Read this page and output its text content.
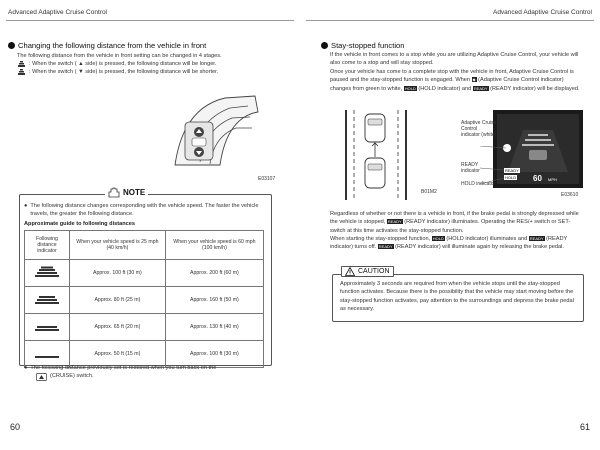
Advanced Adaptive Cruise Control	Advanced Adaptive Cruise Control
Changing the following distance from the vehicle in front
The following distance from the vehicle in front setting can be changed in 4 stages.
: When the switch ( ▲ side) is pressed, the following distance will be longer.
: When the switch ( ▼ side) is pressed, the following distance will be shorter.
E03107
NOTE
● The following distance changes corresponding with the vehicle speed. The faster the vehicle travels, the greater the following distance.
Approximate guide to following distances
Following distance indicator	When your vehicle speed is 25 mph (40 km/h)	When your vehicle speed is 60 mph (100 km/h)
	Approx. 100 ft (30 m)	Approx. 200 ft (60 m)
	Approx. 80 ft (25 m)	Approx. 160 ft (50 m)
	Approx. 65 ft (20 m)	Approx. 130 ft (40 m)
	Approx. 50 ft (15 m)	Approx. 100 ft (30 m)
● The following distance previously set is restored when you turn back on the
(CRUISE) switch.
60
Stay-stopped function
If the vehicle in front comes to a stop while you are utilizing Adaptive Cruise Control, your vehicle will also come to a stop and will stay stopped.
Once your vehicle has come to a complete stop with the vehicle in front, Adaptive Cruise Control is paused and the stay-stopped function is engaged. When ◆ (Adaptive Cruise Control indicator) changes from green to white, HOLD (HOLD indicator) and READY (READY indicator) will be displayed.
B01M2
READY
HOLD 60 MPH
Adaptive Cruise Control indicator (white)
READY indicator
HOLD indicator
E03610
Regardless of whether or not there is a vehicle in front, if the brake pedal is strongly depressed while the vehicle is stopped, READY (READY indicator) illuminates. Operating the RES/+ switch or SET- switch at this time activates the stay-stopped function.
When starting the stay-stopped function, HOLD (HOLD indicator) illuminates and READY (READY indicator) turns off. READY (READY indicator) will illuminate again by releasing the brake pedal.
CAUTION
Approximately 3 seconds are required from when the vehicle stops until the stay-stopped function activates. Because there is the possibility that the vehicle may start moving before the stay-stopped function activates, pay attention to the surroundings and depress the brake pedal as necessary.
61
